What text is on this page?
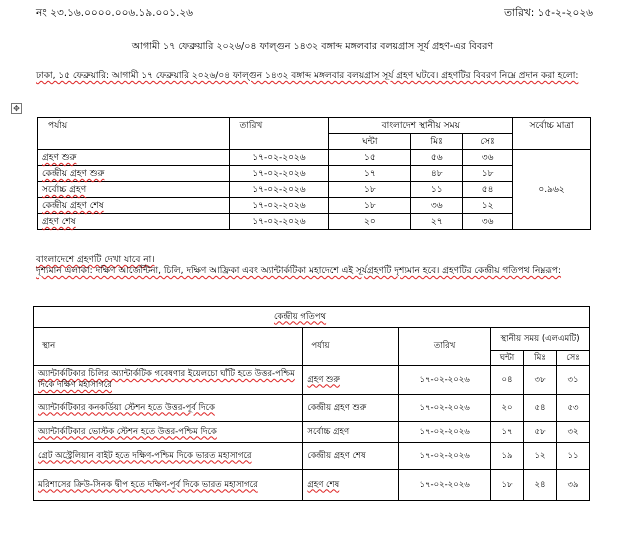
নং ২৩.১৬.০০০০.০০৬.১৯.০০১.২৬	তারিখ: ১৫-২-২০২৬
আগামী ১৭ ফেব্রুয়ারি ২০২৬/০৪ ফাল্গুন ১৪৩২ বঙ্গাব্দ মঙ্গলবার বলয়গ্রাস সূর্য গ্রহণ-এর বিবরণ
ঢাকা, ১৫ ফেব্রুয়ারি: আগামী ১৭ ফেব্রুয়ারি ২০২৬/০৪ ফাল্গুন ১৪৩২ বঙ্গাব্দ মঙ্গলবার বলয়গ্রাস সূর্য গ্রহণ ঘটবে। গ্রহণটির বিবরণ নিম্নে প্রদান করা হলো:
✥
পর্যায়	তারিখ	বাংলাদেশ স্থানীয় সময়			সর্বোচ্চ মাত্রা
		ঘন্টা	মিঃ	সেঃ	
গ্রহণ শুরু	১৭-০২-২০২৬	১৫	৫৬	৩৬	০.৯৬২
কেন্দ্রীয় গ্রহণ শুরু	১৭-০২-২০২৬	১৭	৪৮	১৮	
সর্বোচ্চ গ্রহণ	১৭-০২-২০২৬	১৮	১১	৫৪	
কেন্দ্রীয় গ্রহণ শেষ	১৭-০২-২০২৬	১৮	৩৬	১২	
গ্রহণ শেষ	১৭-০২-২০২৬	২০	২৭	৩৬	
বাংলাদেশে গ্রহণটি দেখা যাবে না।
দৃশ্যমান এলাকা: দক্ষিণ আর্জেন্টিনা, চিলি, দক্ষিণ আফ্রিকা এবং অ্যান্টার্কটিকা মহাদেশে এই সূর্যগ্রহণটি দৃশ্যমান হবে। গ্রহণটির কেন্দ্রীয় গতিপথ নিম্নরূপ:
কেন্দ্রীয় গতিপথ					
স্থান	পর্যায়	তারিখ	স্থানীয় সময় (এলএমটি)		
			ঘন্টা	মিঃ	সেঃ
অ্যান্টার্কটিকার চিলির অ্যান্টার্কটিক গবেষণার ইয়েলচো ঘাঁটি হতে উত্তর-পশ্চিম দিকে দক্ষিণ মহাসাগরে	গ্রহণ শুরু	১৭-০২-২০২৬	০৪	৩৮	৩১
অ্যান্টার্কটিকার কনকর্ডিয়া স্টেশন হতে উত্তর-পূর্ব দিকে	কেন্দ্রীয় গ্রহণ শুরু	১৭-০২-২০২৬	২০	৫৪	৫৩
অ্যান্টার্কটিকার ভোস্টক স্টেশন হতে উত্তর-পশ্চিম দিকে	সর্বোচ্চ গ্রহণ	১৭-০২-২০২৬	১৭	৫৮	৩২
গ্রেট অস্ট্রেলিয়ান বাইট হতে দক্ষিণ-পশ্চিম দিকে ভারত মহাসাগরে	কেন্দ্রীয় গ্রহণ শেষ	১৭-০২-২০২৬	১৯	১২	১১
মরিশাসের ক্রিউ-সিনক দ্বীপ হতে দক্ষিণ-পূর্ব দিকে ভারত মহাসাগরে	গ্রহণ শেষ	১৭-০২-২০২৬	১৮	২৪	৩৯
